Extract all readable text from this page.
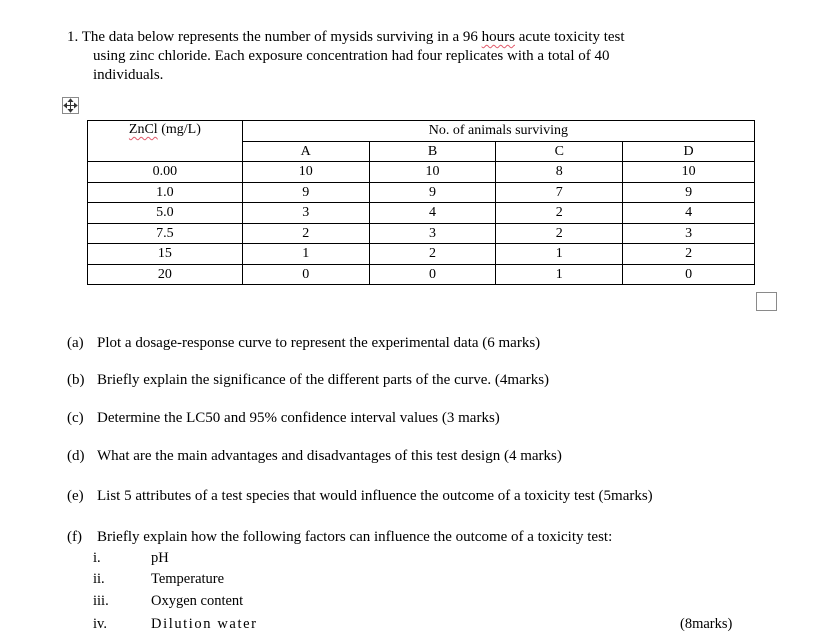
1. The data below represents the number of mysids surviving in a 96 hours acute toxicity test
using zinc chloride. Each exposure concentration had four replicates with a total of 40
individuals.
ZnCl (mg/L)	No. of animals surviving			
	A	B	C	D
0.00	10	10	8	10
1.0	9	9	7	9
5.0	3	4	2	4
7.5	2	3	2	3
15	1	2	1	2
20	0	0	1	0
(a) Plot a dosage-response curve to represent the experimental data (6 marks)
(b) Briefly explain the significance of the different parts of the curve. (4marks)
(c) Determine the LC50 and 95% confidence interval values (3 marks)
(d) What are the main advantages and disadvantages of this test design (4 marks)
(e) List 5 attributes of a test species that would influence the outcome of a toxicity test (5marks)
(f) Briefly explain how the following factors can influence the outcome of a toxicity test:
i.	pH
ii.	Temperature
iii.	Oxygen content
iv.	Dilution water	(8marks)
